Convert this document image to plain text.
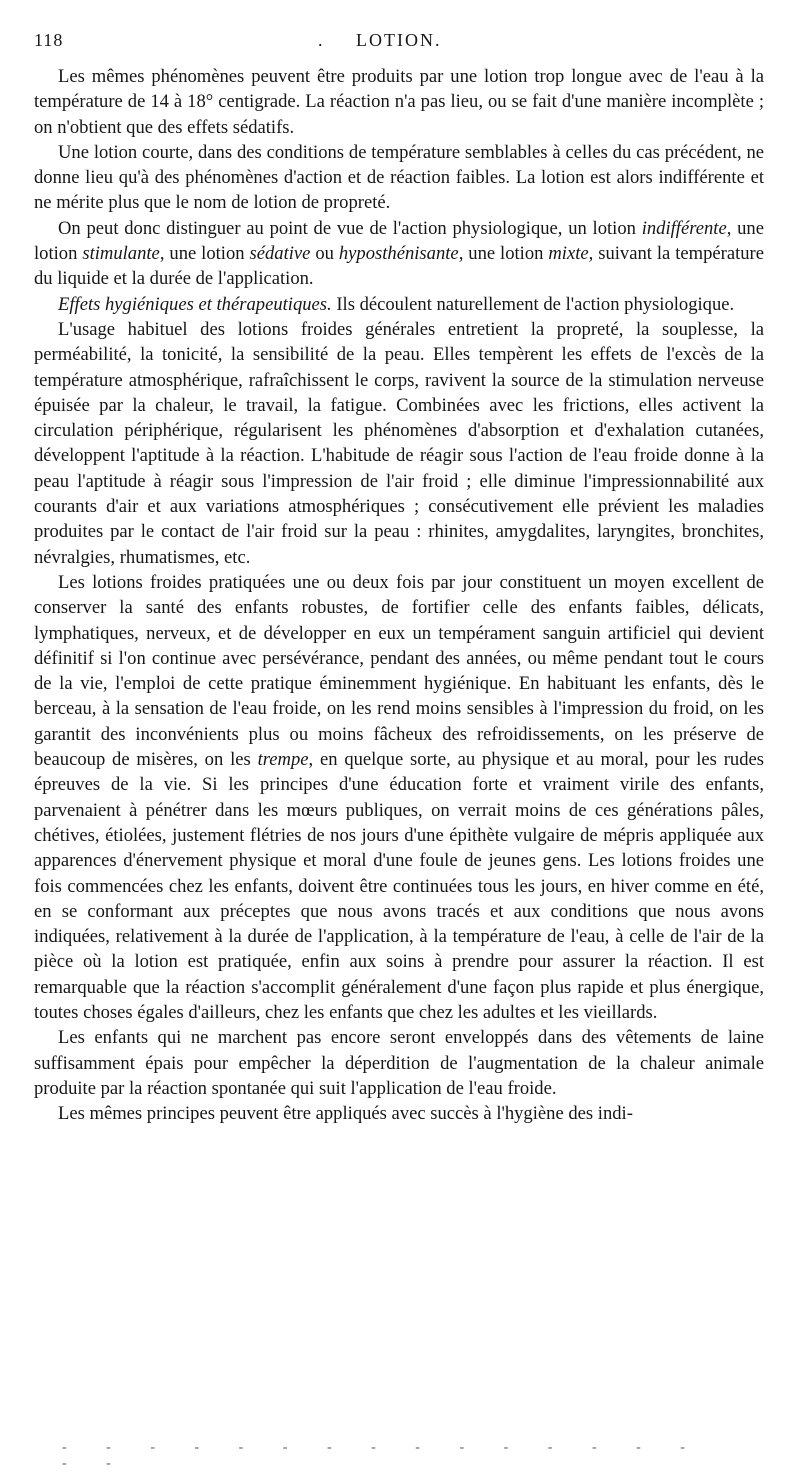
118	. LOTION.

Les mêmes phénomènes peuvent être produits par une lotion trop longue avec de l'eau à la température de 14 à 18° centigrade. La réaction n'a pas lieu, ou se fait d'une manière incomplète ; on n'obtient que des effets sédatifs.

Une lotion courte, dans des conditions de température semblables à celles du cas précédent, ne donne lieu qu'à des phénomènes d'action et de réaction faibles. La lotion est alors indifférente et ne mérite plus que le nom de lotion de propreté.

On peut donc distinguer au point de vue de l'action physiologique, un lotion indifférente, une lotion stimulante, une lotion sédative ou hyposthénisante, une lotion mixte, suivant la température du liquide et la durée de l'application.

Effets hygiéniques et thérapeutiques. Ils découlent naturellement de l'action physiologique.

L'usage habituel des lotions froides générales entretient la propreté, la souplesse, la perméabilité, la tonicité, la sensibilité de la peau. Elles tempèrent les effets de l'excès de la température atmosphérique, rafraîchissent le corps, ravivent la source de la stimulation nerveuse épuisée par la chaleur, le travail, la fatigue. Combinées avec les frictions, elles activent la circulation périphérique, régularisent les phénomènes d'absorption et d'exhalation cutanées, développent l'aptitude à la réaction. L'habitude de réagir sous l'action de l'eau froide donne à la peau l'aptitude à réagir sous l'impression de l'air froid ; elle diminue l'impressionnabilité aux courants d'air et aux variations atmosphériques ; consécutivement elle prévient les maladies produites par le contact de l'air froid sur la peau : rhinites, amygdalites, laryngites, bronchites, névralgies, rhumatismes, etc.

Les lotions froides pratiquées une ou deux fois par jour constituent un moyen excellent de conserver la santé des enfants robustes, de fortifier celle des enfants faibles, délicats, lymphatiques, nerveux, et de développer en eux un tempérament sanguin artificiel qui devient définitif si l'on continue avec persévérance, pendant des années, ou même pendant tout le cours de la vie, l'emploi de cette pratique éminemment hygiénique. En habituant les enfants, dès le berceau, à la sensation de l'eau froide, on les rend moins sensibles à l'impression du froid, on les garantit des inconvénients plus ou moins fâcheux des refroidissements, on les préserve de beaucoup de misères, on les trempe, en quelque sorte, au physique et au moral, pour les rudes épreuves de la vie. Si les principes d'une éducation forte et vraiment virile des enfants, parvenaient à pénétrer dans les mœurs publiques, on verrait moins de ces générations pâles, chétives, étiolées, justement flétries de nos jours d'une épithète vulgaire de mépris appliquée aux apparences d'énervement physique et moral d'une foule de jeunes gens. Les lotions froides une fois commencées chez les enfants, doivent être continuées tous les jours, en hiver comme en été, en se conformant aux préceptes que nous avons tracés et aux conditions que nous avons indiquées, relativement à la durée de l'application, à la température de l'eau, à celle de l'air de la pièce où la lotion est pratiquée, enfin aux soins à prendre pour assurer la réaction. Il est remarquable que la réaction s'accomplit généralement d'une façon plus rapide et plus énergique, toutes choses égales d'ailleurs, chez les enfants que chez les adultes et les vieillards.

Les enfants qui ne marchent pas encore seront enveloppés dans des vêtements de laine suffisamment épais pour empêcher la déperdition de l'augmentation de la chaleur animale produite par la réaction spontanée qui suit l'application de l'eau froide.

Les mêmes principes peuvent être appliqués avec succès à l'hygiène des indi-

- - - - - - - - - - - - - - - - -
